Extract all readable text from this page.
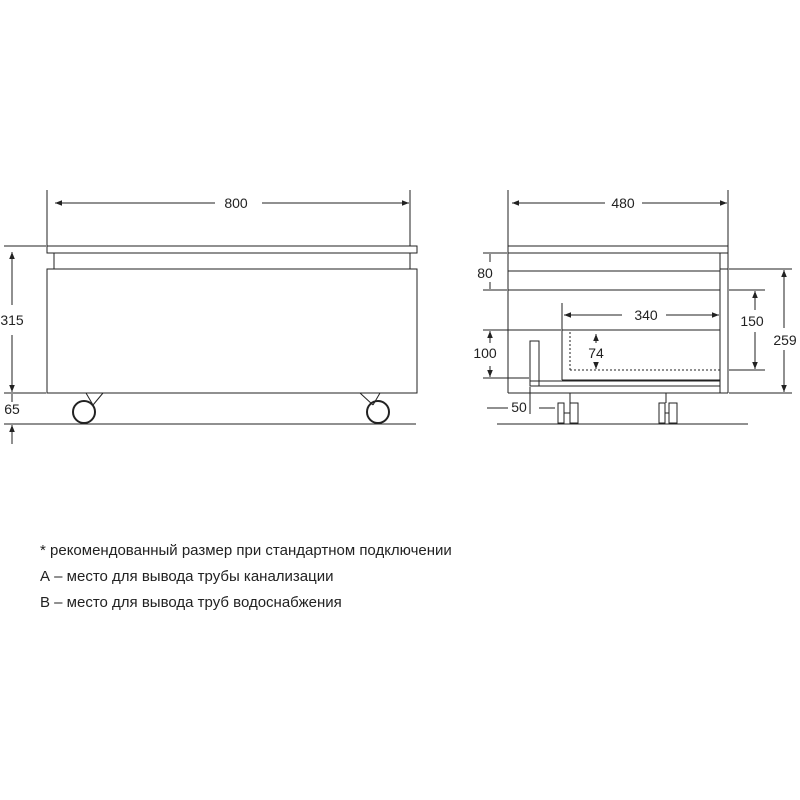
800
315
65
480
340
80
100	74
150
259
50
* рекомендованный размер при стандартном подключении
А – место для вывода трубы канализации
В – место для вывода труб водоснабжения
